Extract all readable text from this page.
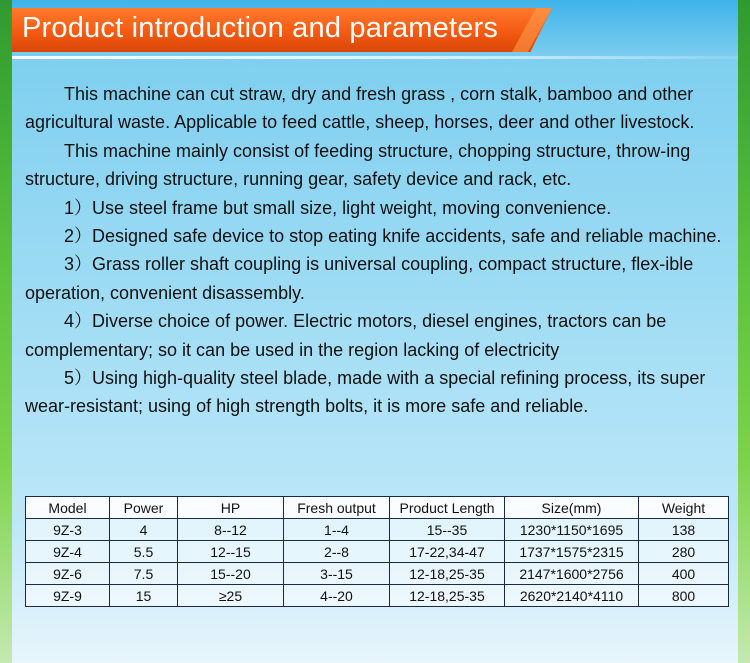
Product introduction and parameters

This machine can cut straw, dry and fresh grass , corn stalk, bamboo and other agricultural waste. Applicable to feed cattle, sheep, horses, deer and other livestock.

This machine mainly consist of feeding structure, chopping structure, throw-ing structure, driving structure, running gear, safety device and rack, etc.

1）Use steel frame but small size, light weight, moving convenience.

2）Designed safe device to stop eating knife accidents, safe and reliable machine.

3）Grass roller shaft coupling is universal coupling, compact structure, flex-ible operation, convenient disassembly.

4）Diverse choice of power. Electric motors, diesel engines, tractors can be complementary; so it can be used in the region lacking of electricity

5）Using high-quality steel blade, made with a special refining process, its super wear-resistant; using of high strength bolts, it is more safe and reliable.

Model	Power	HP	Fresh output	Product Length	Size(mm)	Weight
9Z-3	4	8--12	1--4	15--35	1230*1150*1695	138
9Z-4	5.5	12--15	2--8	17-22,34-47	1737*1575*2315	280
9Z-6	7.5	15--20	3--15	12-18,25-35	2147*1600*2756	400
9Z-9	15	≥25	4--20	12-18,25-35	2620*2140*4110	800
